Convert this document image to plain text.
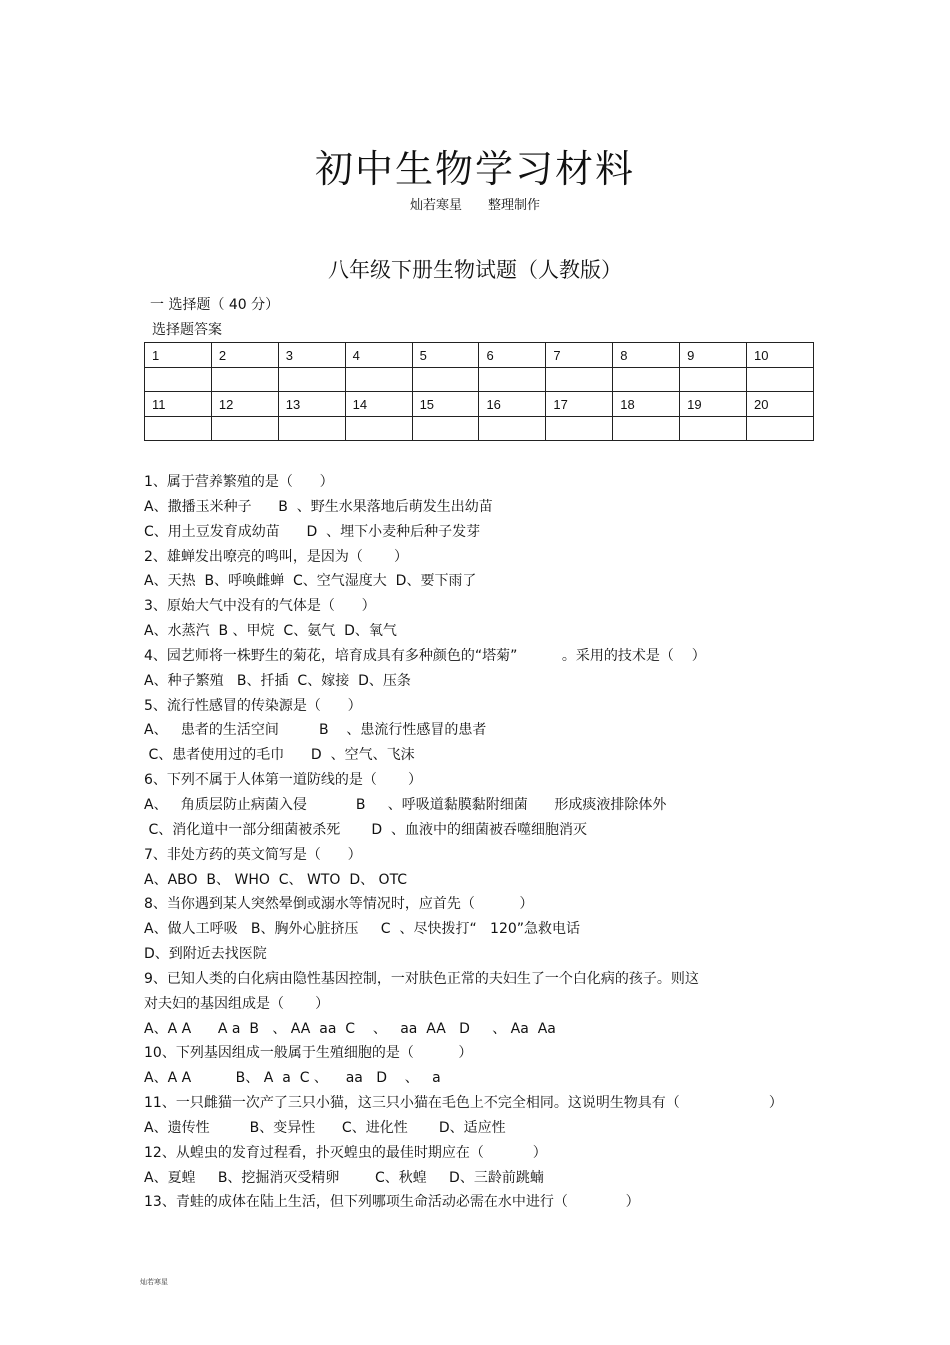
初中生物学习材料
灿若寒星　　整理制作
八年级下册生物试题（人教版）
一 选择题（ 40 分）
选择题答案
1	2	3	4	5	6	7	8	9	10

11	12	13	14	15	16	17	18	19	20

1、属于营养繁殖的是（      ）
A、撒播玉米种子      B  、野生水果落地后萌发生出幼苗
C、用土豆发育成幼苗      D  、埋下小麦种后种子发芽
2、雄蝉发出嘹亮的鸣叫，是因为（       ）
A、天热  B、呼唤雌蝉  C、空气湿度大  D、要下雨了
3、原始大气中没有的气体是（      ）
A、水蒸汽  B 、甲烷  C、氨气  D、氧气
4、园艺师将一株野生的菊花，培育成具有多种颜色的“塔菊”          。采用的技术是（    ）
A、种子繁殖   B、扦插  C、嫁接  D、压条
5、流行性感冒的传染源是（      ）
A、   患者的生活空间         B    、患流行性感冒的患者
C、患者使用过的毛巾      D  、空气、飞沫
6、下列不属于人体第一道防线的是（       ）
A、   角质层防止病菌入侵           B     、呼吸道黏膜黏附细菌      形成痰液排除体外
C、消化道中一部分细菌被杀死       D  、血液中的细菌被吞噬细胞消灭
7、非处方药的英文简写是（      ）
A、ABO  B、 WHO  C、 WTO  D、 OTC
8、当你遇到某人突然晕倒或溺水等情况时，应首先（          ）
A、做人工呼吸   B、胸外心脏挤压     C  、尽快拨打“   120”急救电话
D、到附近去找医院
9、已知人类的白化病由隐性基因控制，一对肤色正常的夫妇生了一个白化病的孩子。则这
对夫妇的基因组成是（       ）
A、A A      A a  B   、 AA  aa  C    、   aa  AA   D     、 Aa  Aa
10、下列基因组成一般属于生殖细胞的是（          ）
A、A A          B、 A  a  C 、    aa   D    、   a
11、一只雌猫一次产了三只小猫，这三只小猫在毛色上不完全相同。这说明生物具有（                    ）
A、遗传性         B、变异性      C、进化性       D、适应性
12、从蝗虫的发育过程看，扑灭蝗虫的最佳时期应在（           ）
A、夏蝗     B、挖掘消灭受精卵        C、秋蝗     D、三龄前跳蝻
13、青蛙的成体在陆上生活，但下列哪项生命活动必需在水中进行（             ）
灿若寒星
